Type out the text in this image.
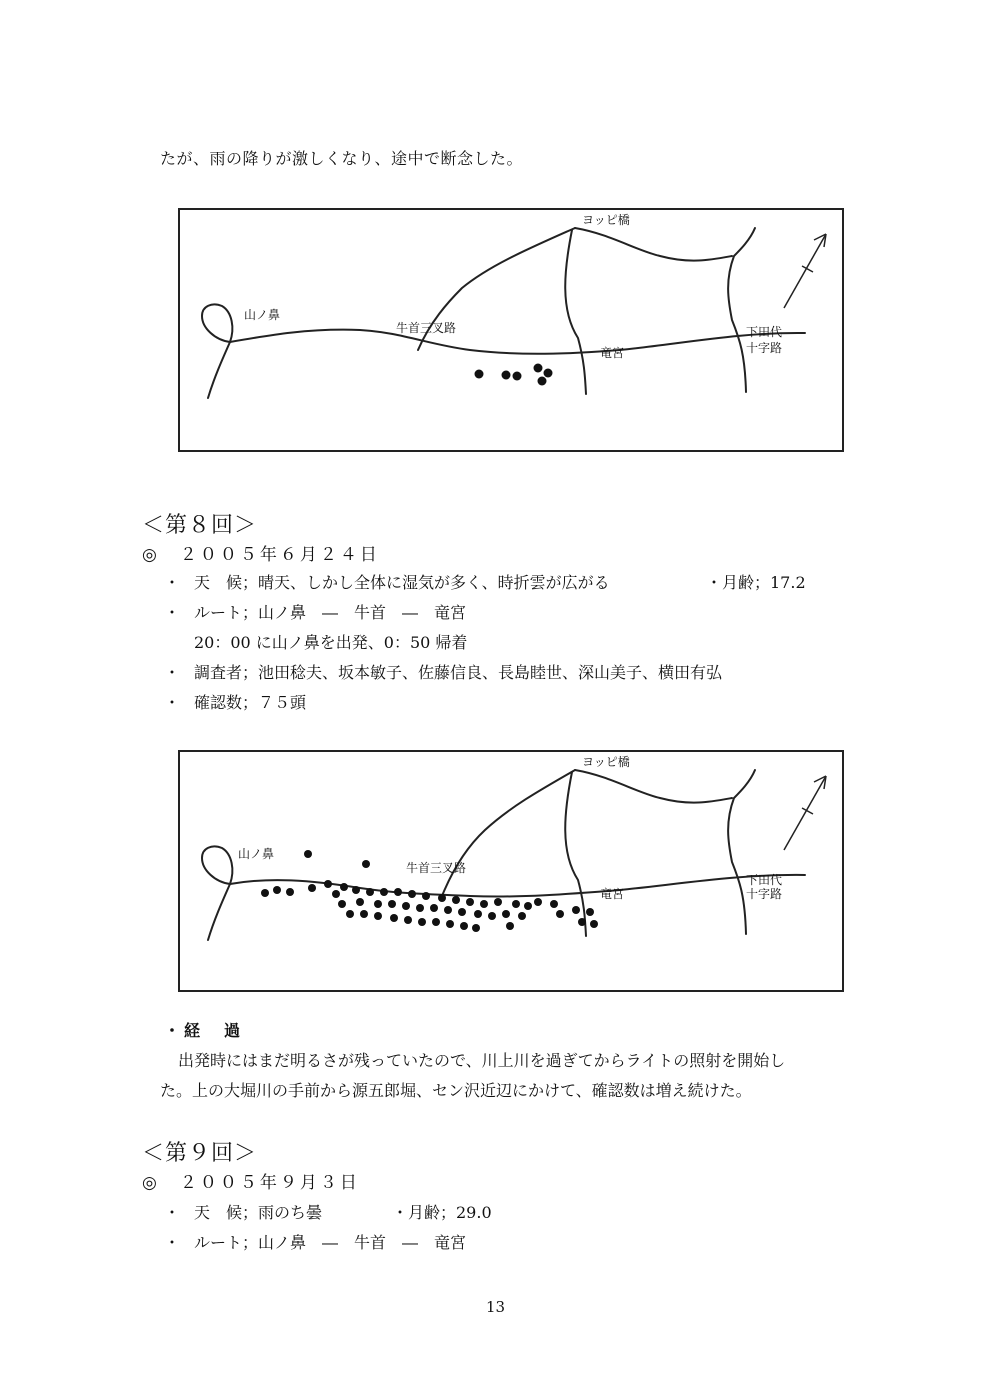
たが、雨の降りが激しくなり、途中で断念した。
ヨッピ橋
山ノ鼻
牛首三叉路
竜宮
下田代
十字路
＜第８回＞
◎　２００５年６月２４日
・ 天　候；晴天、しかし全体に湿気が多く、時折雲が広がる	・月齢；17.2
・ ルート；山ノ鼻　―　牛首　―　竜宮
20：00 に山ノ鼻を出発、0：50 帰着
・ 調査者；池田稔夫、坂本敏子、佐藤信良、長島睦世、深山美子、横田有弘
・ 確認数；７５頭
ヨッピ橋
山ノ鼻
牛首三叉路
竜宮
下田代
十字路
・経　過
出発時にはまだ明るさが残っていたので、川上川を過ぎてからライトの照射を開始し
た。上の大堀川の手前から源五郎堀、セン沢近辺にかけて、確認数は増え続けた。
＜第９回＞
◎　２００５年９月３日
・ 天　候；雨のち曇	・月齢；29.0
・ ルート；山ノ鼻　―　牛首　―　竜宮
13
